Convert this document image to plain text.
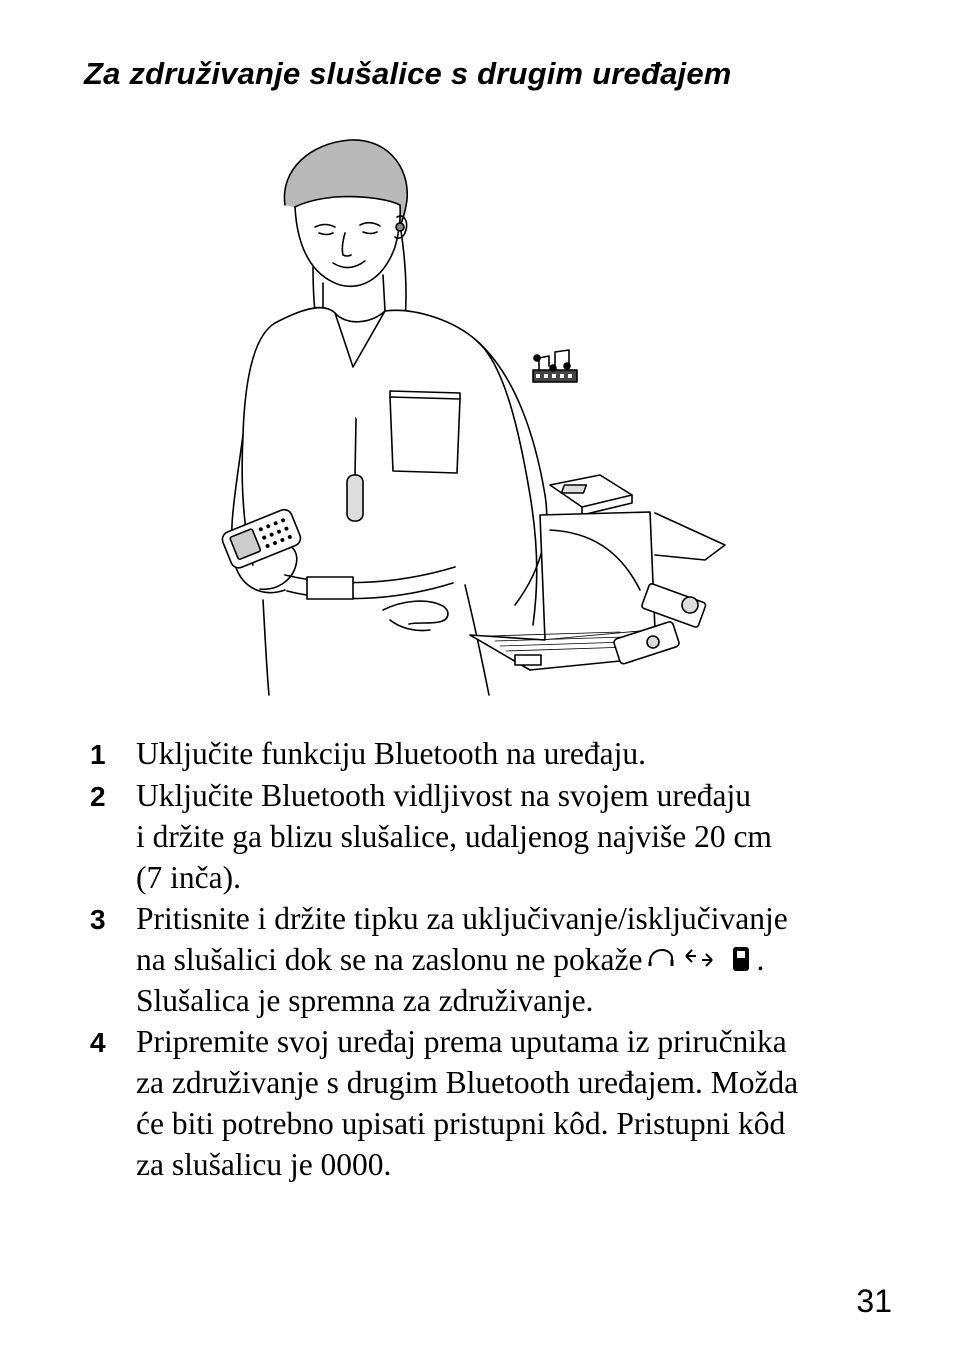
Za združivanje slušalice s drugim uređajem
1 Uključite funkciju Bluetooth na uređaju.
2 Uključite Bluetooth vidljivost na svojem uređaju
i držite ga blizu slušalice, udaljenog najviše 20 cm
(7 inča).
3 Pritisnite i držite tipku za uključivanje/isključivanje
na slušalici dok se na zaslonu ne pokaže	.
Slušalica je spremna za združivanje.
4 Pripremite svoj uređaj prema uputama iz priručnika
za združivanje s drugim Bluetooth uređajem. Možda
će biti potrebno upisati pristupni kôd. Pristupni kôd
za slušalicu je 0000.
31
